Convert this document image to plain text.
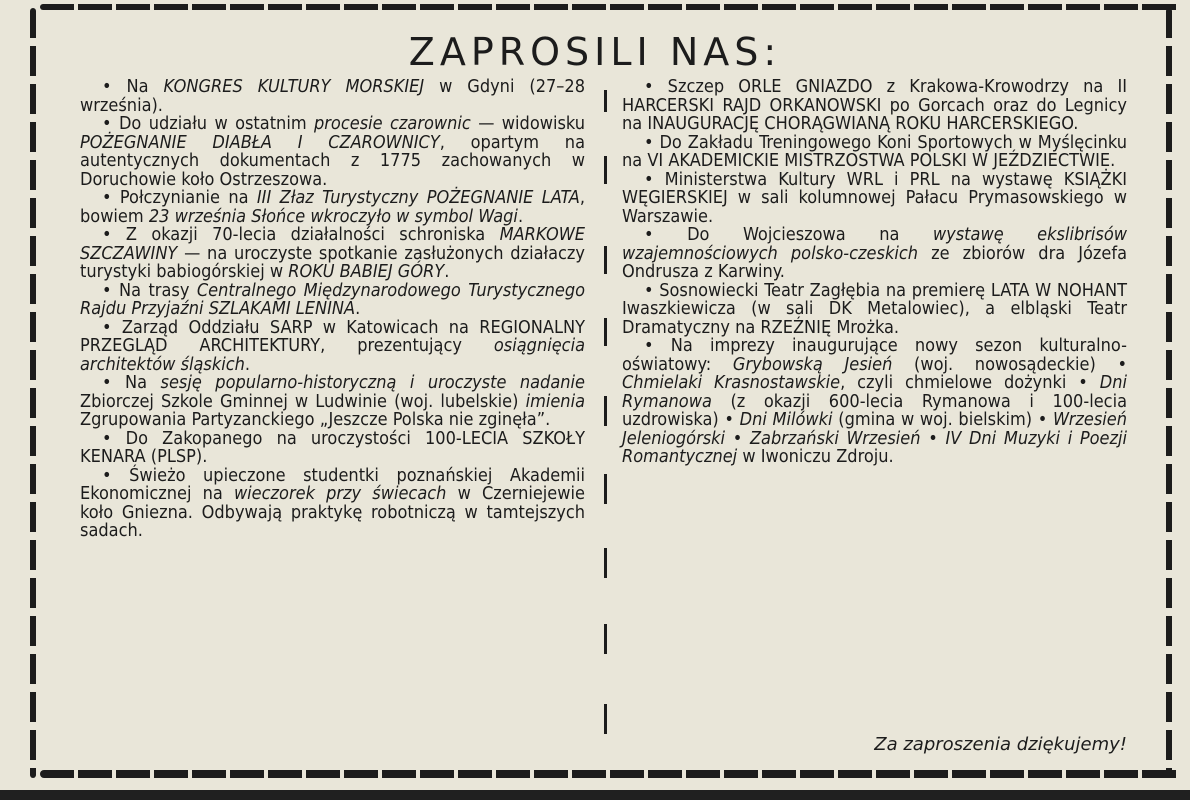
ZAPROSILI NAS:

• Na KONGRES KULTURY MORSKIEJ w Gdyni (27–28 września).

• Do udziału w ostatnim procesie czarownic — widowisku POŻEGNANIE DIABŁA I CZAROWNICY, opartym na autentycznych dokumentach z 1775 zachowanych w Doruchowie koło Ostrzeszowa.

• Połczynianie na III Złaz Turystyczny POŻEGNANIE LATA, bowiem 23 września Słońce wkroczyło w symbol Wagi.

• Z okazji 70-lecia działalności schroniska MARKOWE SZCZAWINY — na uroczyste spotkanie zasłużonych działaczy turystyki babiogórskiej w ROKU BABIEJ GÓRY.

• Na trasy Centralnego Międzynarodowego Turystycznego Rajdu Przyjaźni SZLAKAMI LENINA.

• Zarząd Oddziału SARP w Katowicach na REGIONALNY PRZEGLĄD ARCHITEKTURY, prezentujący osiągnięcia architektów śląskich.

• Na sesję popularno-historyczną i uroczyste nadanie Zbiorczej Szkole Gminnej w Ludwinie (woj. lubelskie) imienia Zgrupowania Partyzanckiego „Jeszcze Polska nie zginęła”.

• Do Zakopanego na uroczystości 100-LECIA SZKOŁY KENARA (PLSP).

• Świeżo upieczone studentki poznańskiej Akademii Ekonomicznej na wieczorek przy świecach w Czerniejewie koło Gniezna. Odbywają praktykę robotniczą w tamtejszych sadach.

• Szczep ORLE GNIAZDO z Krakowa-Krowodrzy na II HARCERSKI RAJD ORKANOWSKI po Gorcach oraz do Legnicy na INAUGURACJĘ CHORĄGWIANĄ ROKU HARCERSKIEGO.

• Do Zakładu Treningowego Koni Sportowych w Myślęcinku na VI AKADEMICKIE MISTRZOSTWA POLSKI W JEŹDZIECTWIE.

• Ministerstwa Kultury WRL i PRL na wystawę KSIĄŻKI WĘGIERSKIEJ w sali kolumnowej Pałacu Prymasowskiego w Warszawie.

• Do Wojcieszowa na wystawę ekslibrisów wzajemnościowych polsko-czeskich ze zbiorów dra Józefa Ondrusza z Karwiny.

• Sosnowiecki Teatr Zagłębia na premierę LATA W NOHANT Iwaszkiewicza (w sali DK Metalowiec), a elbląski Teatr Dramatyczny na RZEŹNIĘ Mrożka.

• Na imprezy inaugurujące nowy sezon kulturalno-oświatowy: Grybowską Jesień (woj. nowosądeckie) • Chmielaki Krasnostawskie, czyli chmielowe dożynki • Dni Rymanowa (z okazji 600-lecia Rymanowa i 100-lecia uzdrowiska) • Dni Milówki (gmina w woj. bielskim) • Wrzesień Jeleniogórski • Zabrzański Wrzesień • IV Dni Muzyki i Poezji Romantycznej w Iwoniczu Zdroju.

Za zaproszenia dziękujemy!
